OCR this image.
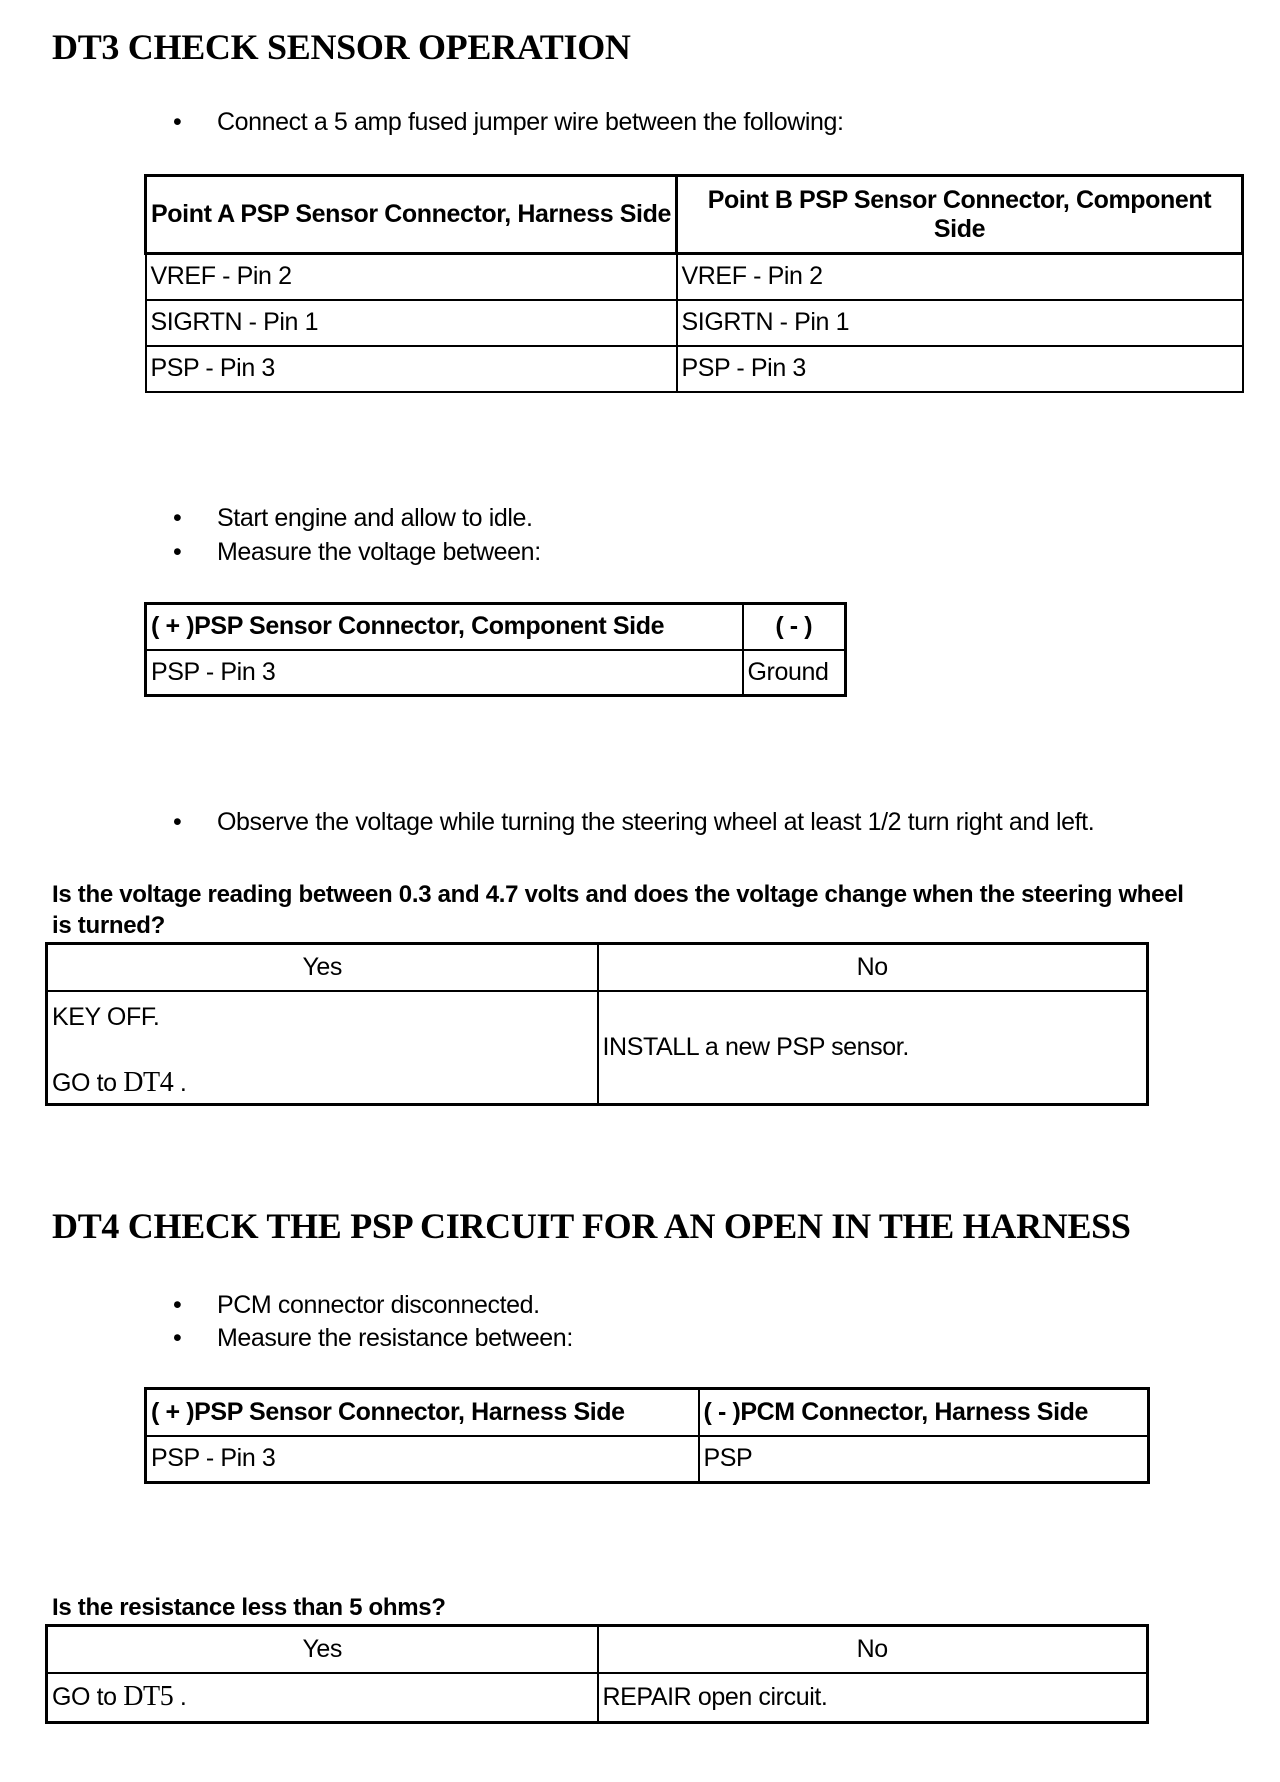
DT3 CHECK SENSOR OPERATION
• Connect a 5 amp fused jumper wire between the following:
Point A PSP Sensor Connector, Harness Side	Point B PSP Sensor Connector, Component Side
VREF - Pin 2	VREF - Pin 2
SIGRTN - Pin 1	SIGRTN - Pin 1
PSP - Pin 3	PSP - Pin 3
• Start engine and allow to idle.
• Measure the voltage between:
( + )PSP Sensor Connector, Component Side	( - )
PSP - Pin 3	Ground
• Observe the voltage while turning the steering wheel at least 1/2 turn right and left.
Is the voltage reading between 0.3 and 4.7 volts and does the voltage change when the steering wheel is turned?
Yes	No

KEY OFF.
GO to DT4 .	INSTALL a new PSP sensor.
DT4 CHECK THE PSP CIRCUIT FOR AN OPEN IN THE HARNESS
• PCM connector disconnected.
• Measure the resistance between:
( + )PSP Sensor Connector, Harness Side	( - )PCM Connector, Harness Side
PSP - Pin 3	PSP
Is the resistance less than 5 ohms?
Yes	No
GO to DT5 .	REPAIR open circuit.
